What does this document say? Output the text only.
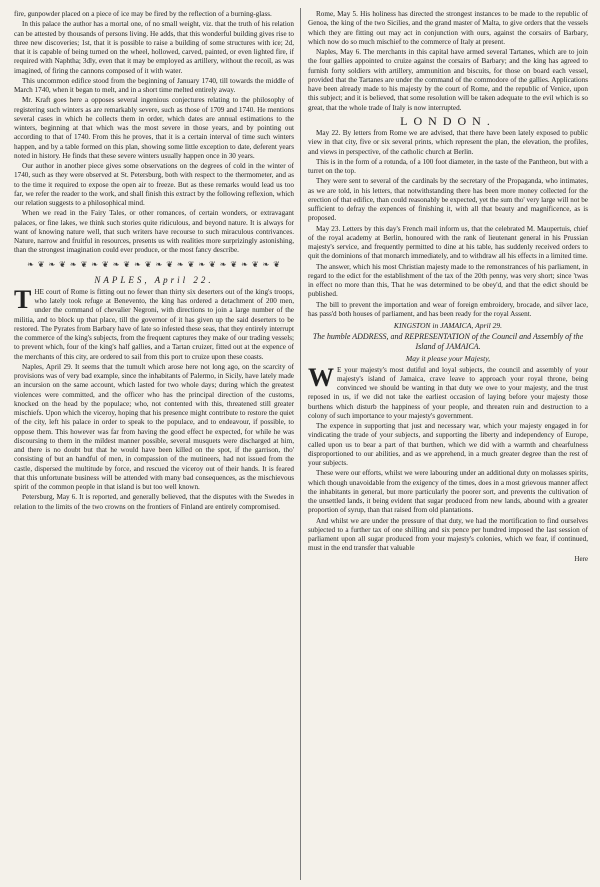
fire, gunpowder placed on a piece of ice may be fired by the reflection of a burning-glass.

In this palace the author has a mortal one, of no small weight, viz. that the truth of his relation can be attested by thousands of persons living. He adds, that this wonderful building gives rise to three new discoveries; 1st, that it is possible to raise a building of some structures with ice; 2d, that it is capable of being turned on the wheel, hollowed, carved, painted, or even lighted fire, if required with Naphtha; 3dly, even that it may be employed as artillery, without the recoil, as was imagined, of firing the cannons composed of it with water.

This uncommon edifice stood from the beginning of January 1740, till towards the middle of March 1740, when it began to melt, and in a short time melted entirely away.

Mr. Kraft goes here a opposes several ingenious conjectures relating to the philosophy of registering such winters as are remarkably severe, such as those of 1709 and 1740. He mentions several cases in which he collects them in order, which dates are annual estimations to the winters, beginning at that which was the most severe in those years, and by pointing out according to that of 1740. From this he proves, that it is a certain interval of time such winters happen, and by a table formed on this plan, showing some little exception to date, deferent years noted in history. He finds that these severe winters usually happen once in 30 years.

Our author in another piece gives some observations on the degrees of cold in the winter of 1740, such as they were observed at St. Petersburg, both with respect to the thermometer, and as to the time it required to expose the open air to freeze. But as these remarks would lead us too far, we refer the reader to the work, and shall finish this extract by the following reflexion, which our relation suggests to a philosophical mind.

When we read in the Fairy Tales, or other romances, of certain wonders, or extravagant palaces, or fine lakes, we think such stories quite ridiculous, and beyond nature. It is always for want of knowing nature well, that such writers have recourse to such miraculous contrivances. Nature, narrow and fruitful in resources, presents us with realities more surprizingly astonishing, than the strongest imagination could ever produce, or the most fancy describe.

❧ ❦ ❧ ❦ ❧ ❦ ❧ ❦ ❧ ❦ ❧ ❦ ❧ ❦ ❧ ❦ ❧ ❦ ❧ ❦ ❧ ❦ ❧ ❦
NAPLES, April 22.

THE court of Rome is fitting out no fewer than thirty six deserters out of the king's troops, who lately took refuge at Benevento, the king has ordered a detachment of 200 men, under the command of chevalier Negroni, with directions to join a large number of the militia, and to block up that place, till the governor of it has given up the said deserters to be restored. The Pyrates from Barbary have of late so infested these seas, that they entirely interrupt the commerce of the king's subjects, from the frequent captures they make of our trading vessels; to prevent which, four of the king's half gallies, and a Tartan cruizer, fitted out at the expence of the merchants of this city, are ordered to sail from this port to cruize upon these coasts.

Naples, April 29. It seems that the tumult which arose here not long ago, on the scarcity of provisions was of very bad example, since the inhabitants of Palermo, in Sicily, have lately made an incursion on the same account, which lasted for two whole days; during which the greatest violences were committed, and the officer who has the principal direction of the customs, knocked on the head by the populace; who, not contented with this, threatened still greater mischiefs. Upon which the viceroy, hoping that his presence might contribute to restore the quiet of the city, left his palace in order to speak to the populace, and to endeavour, if possible, to oppose them. This however was far from having the good effect he expected, for while he was discoursing to them in the mildest manner possible, several musquets were discharged at him, and there is no doubt but that he would have been killed on the spot, if the garrison, tho' consisting of but an handful of men, in compassion of the mutineers, had not issued from the castle, dispersed the multitude by force, and rescued the viceroy out of their hands. It is feared that this unfortunate business will be attended with many bad consequences, as the mischievous spirit of the common people in that island is but too well known.

Petersburg, May 6. It is reported, and generally believed, that the disputes with the Swedes in relation to the limits of the two crowns on the frontiers of Finland are entirely compromised.

Rome, May 5. His holiness has directed the strongest instances to be made to the republic of Genoa, the king of the two Sicilies, and the grand master of Malta, to give orders that the vessels which they are fitting out may act in conjunction with ours, against the corsairs of Barbary, which now do so much mischief to the commerce of Italy at present.

Naples, May 6. The merchants in this capital have armed several Tartanes, which are to join the four gallies appointed to cruize against the corsairs of Barbary; and the king has agreed to furnish forty soldiers with artillery, ammunition and biscuits, for those on board each vessel, provided that the Tartanes are under the command of the commodore of the gallies. Applications have been already made to his majesty by the court of Rome, and the republic of Venice, upon this subject; and it is believed, that some resolution will be taken adequate to the evil which is so great, that the whole trade of Italy is now interrupted.

LONDON.

May 22. By letters from Rome we are advised, that there have been lately exposed to public view in that city, five or six several prints, which represent the plan, the elevation, the profiles, and views in perspective, of the catholic church at Berlin.

This is in the form of a rotunda, of a 100 foot diameter, in the taste of the Pantheon, but with a turret on the top.

They were sent to several of the cardinals by the secretary of the Propaganda, who intimates, as we are told, in his letters, that notwithstanding there has been more money collected for the erection of that edifice, than could reasonably be expected, yet the sum tho' very large will not be sufficient to defray the expences of finishing it, with all that beauty and magnificence, as is proposed.

May 23. Letters by this day's French mail inform us, that the celebrated M. Maupertuis, chief of the royal academy at Berlin, honoured with the rank of lieutenant general in his Prussian majesty's service, and frequently permitted to dine at his table, has suddenly received orders to quit the dominions of that monarch immediately, and to withdraw all his effects in a limited time.

The answer, which his most Christian majesty made to the remonstrances of his parliament, in regard to the edict for the establishment of the tax of the 20th penny, was very short; since 'twas in effect no more than this, That he was determined to be obey'd, and that the edict should be published.

The bill to prevent the importation and wear of foreign embroidery, brocade, and silver lace, has pass'd both houses of parliament, and has been ready for the royal Assent.

KINGSTON in JAMAICA, April 29.
The humble ADDRESS, and REPRESENTATION of the Council and Assembly of the Island of JAMAICA.
May it please your Majesty,

W E your majesty's most dutiful and loyal subjects, the council and assembly of your majesty's island of Jamaica, crave leave to approach your royal throne, being convinced we should be wanting in that duty we owe to your majesty, and the trust reposed in us, if we did not take the earliest occasion of laying before your majesty those burthens which disturb the happiness of your people, and threaten ruin and destruction to a colony of such importance to your majesty's government.

The expence in supporting that just and necessary war, which your majesty engaged in for vindicating the trade of your subjects, and supporting the liberty and independency of Europe, called upon us to bear a part of that burthen, which we did with a warmth and chearfulness disproportioned to our abilities, and as we apprehend, in a much greater degree than the rest of your subjects.

These were our efforts, whilst we were labouring under an additional duty on molasses spirits, which though unavoidable from the exigency of the times, does in a most grievous manner affect the inhabitants in general, but more particularly the poorer sort, and prevents the cultivation of the unsettled lands, it being evident that sugar produced from new lands, abound with a greater proportion of syrup, than that raised from old plantations.

And whilst we are under the pressure of that duty, we had the mortification to find ourselves subjected to a further tax of one shilling and six pence per hundred imposed the last session of parliament upon all sugar produced from your majesty's colonies, which we fear, if continued, must in the end transfer that valuable

Here
